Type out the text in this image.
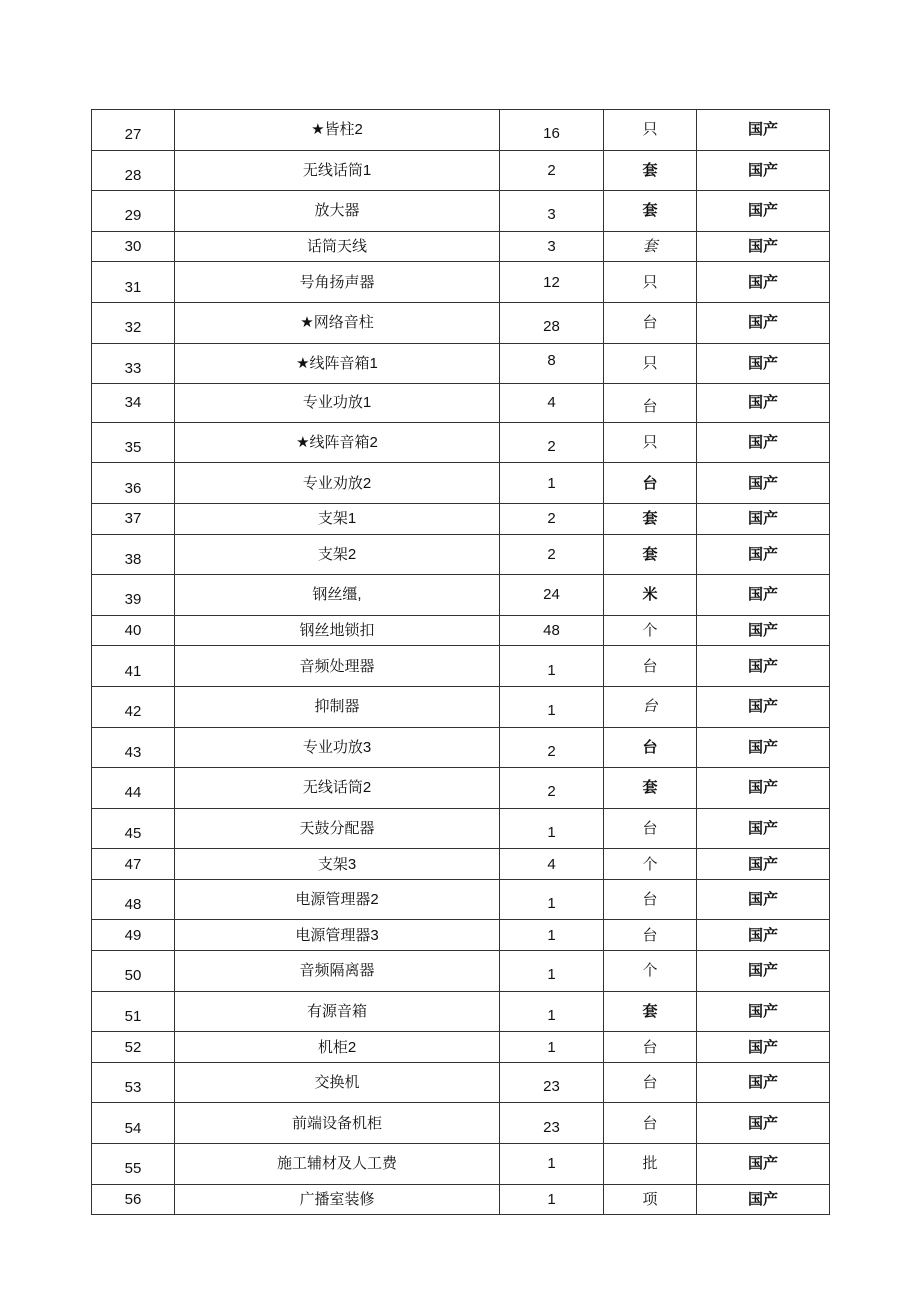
27	★皆柱2	16	只	国产
28	无线话筒1	2	套	国产
29	放大器	3	套	国产
30	话筒天线	3	套	国产
31	号角扬声器	12	只	国产
32	★网络音柱	28	台	国产
33	★线阵音箱1	8	只	国产
34	专业功放1	4	台	国产
35	★线阵音箱2	2	只	国产
36	专业劝放2	1	台	国产
37	支架1	2	套	国产
38	支架2	2	套	国产
39	钢丝缰,	24	米	国产
40	钢丝地锁扣	48	个	国产
41	音频处理器	1	台	国产
42	抑制器	1	台	国产
43	专业功放3	2	台	国产
44	无线话筒2	2	套	国产
45	天鼓分配器	1	台	国产
47	支架3	4	个	国产
48	电源管理器2	1	台	国产
49	电源管理器3	1	台	国产
50	音频隔离器	1	个	国产
51	有源音箱	1	套	国产
52	机柜2	1	台	国产
53	交换机	23	台	国产
54	前端设备机柜	23	台	国产
55	施工辅材及人工费	1	批	国产
56	广播室装修	1	项	国产
